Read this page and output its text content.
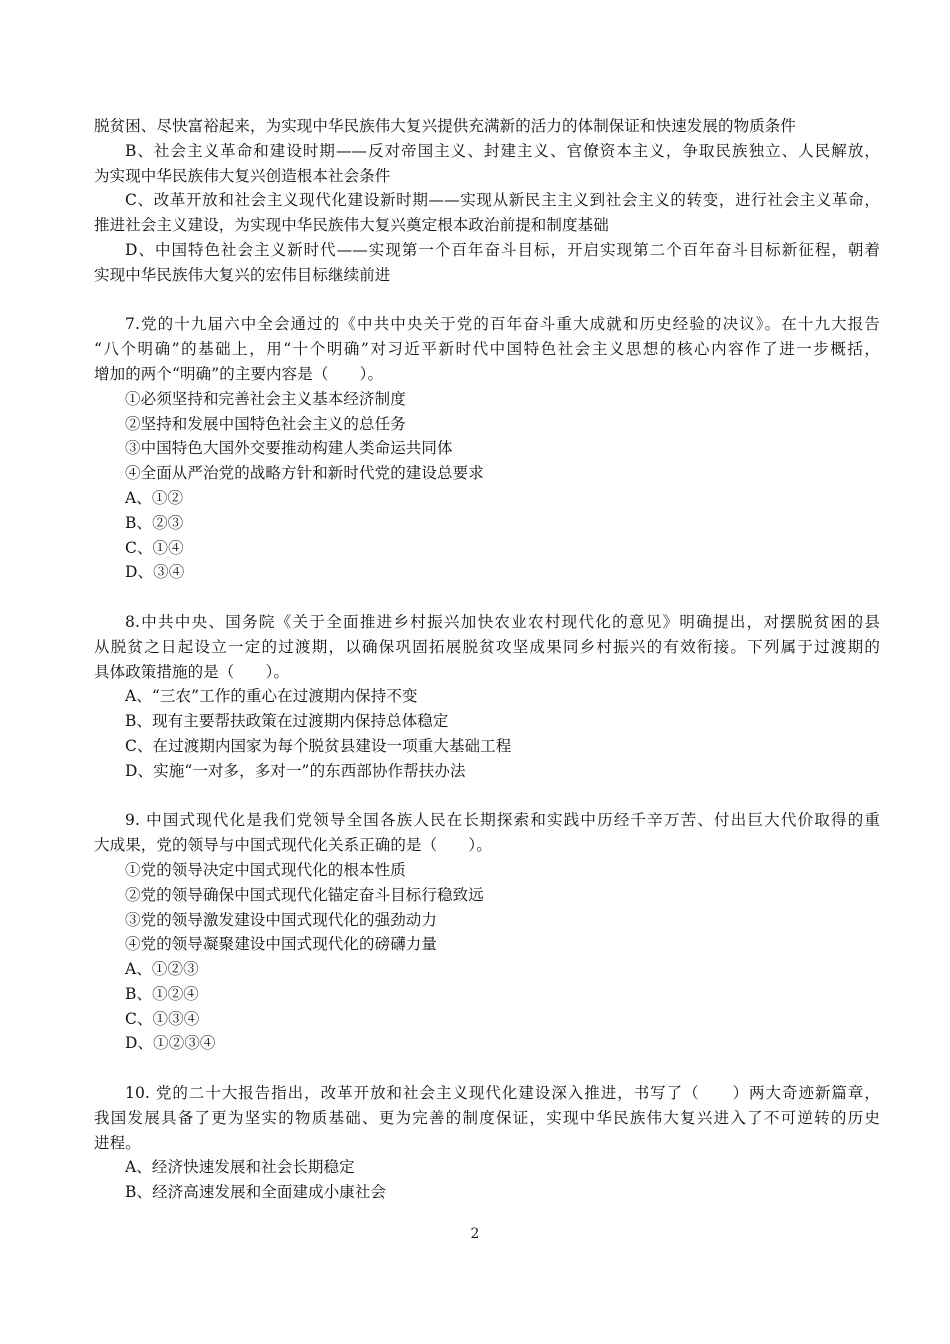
脱贫困、尽快富裕起来，为实现中华民族伟大复兴提供充满新的活力的体制保证和快速发展的物质条件
B、社会主义革命和建设时期——反对帝国主义、封建主义、官僚资本主义，争取民族独立、人民解放，
为实现中华民族伟大复兴创造根本社会条件
C、改革开放和社会主义现代化建设新时期——实现从新民主主义到社会主义的转变，进行社会主义革命，
推进社会主义建设，为实现中华民族伟大复兴奠定根本政治前提和制度基础
D、中国特色社会主义新时代——实现第一个百年奋斗目标，开启实现第二个百年奋斗目标新征程，朝着
实现中华民族伟大复兴的宏伟目标继续前进
7.党的十九届六中全会通过的《中共中央关于党的百年奋斗重大成就和历史经验的决议》。在十九大报告
“八个明确”的基础上，用“十个明确”对习近平新时代中国特色社会主义思想的核心内容作了进一步概括，
增加的两个“明确”的主要内容是（　　）。
①必须坚持和完善社会主义基本经济制度
②坚持和发展中国特色社会主义的总任务
③中国特色大国外交要推动构建人类命运共同体
④全面从严治党的战略方针和新时代党的建设总要求
A、①②
B、②③
C、①④
D、③④
8.中共中央、国务院《关于全面推进乡村振兴加快农业农村现代化的意见》明确提出，对摆脱贫困的县
从脱贫之日起设立一定的过渡期，以确保巩固拓展脱贫攻坚成果同乡村振兴的有效衔接。下列属于过渡期的
具体政策措施的是（　　）。
A、“三农”工作的重心在过渡期内保持不变
B、现有主要帮扶政策在过渡期内保持总体稳定
C、在过渡期内国家为每个脱贫县建设一项重大基础工程
D、实施“一对多，多对一”的东西部协作帮扶办法
9. 中国式现代化是我们党领导全国各族人民在长期探索和实践中历经千辛万苦、付出巨大代价取得的重
大成果，党的领导与中国式现代化关系正确的是（　　）。
①党的领导决定中国式现代化的根本性质
②党的领导确保中国式现代化锚定奋斗目标行稳致远
③党的领导激发建设中国式现代化的强劲动力
④党的领导凝聚建设中国式现代化的磅礴力量
A、①②③
B、①②④
C、①③④
D、①②③④
10. 党的二十大报告指出，改革开放和社会主义现代化建设深入推进，书写了（　　）两大奇迹新篇章，
我国发展具备了更为坚实的物质基础、更为完善的制度保证，实现中华民族伟大复兴进入了不可逆转的历史
进程。
A、经济快速发展和社会长期稳定
B、经济高速发展和全面建成小康社会
2
